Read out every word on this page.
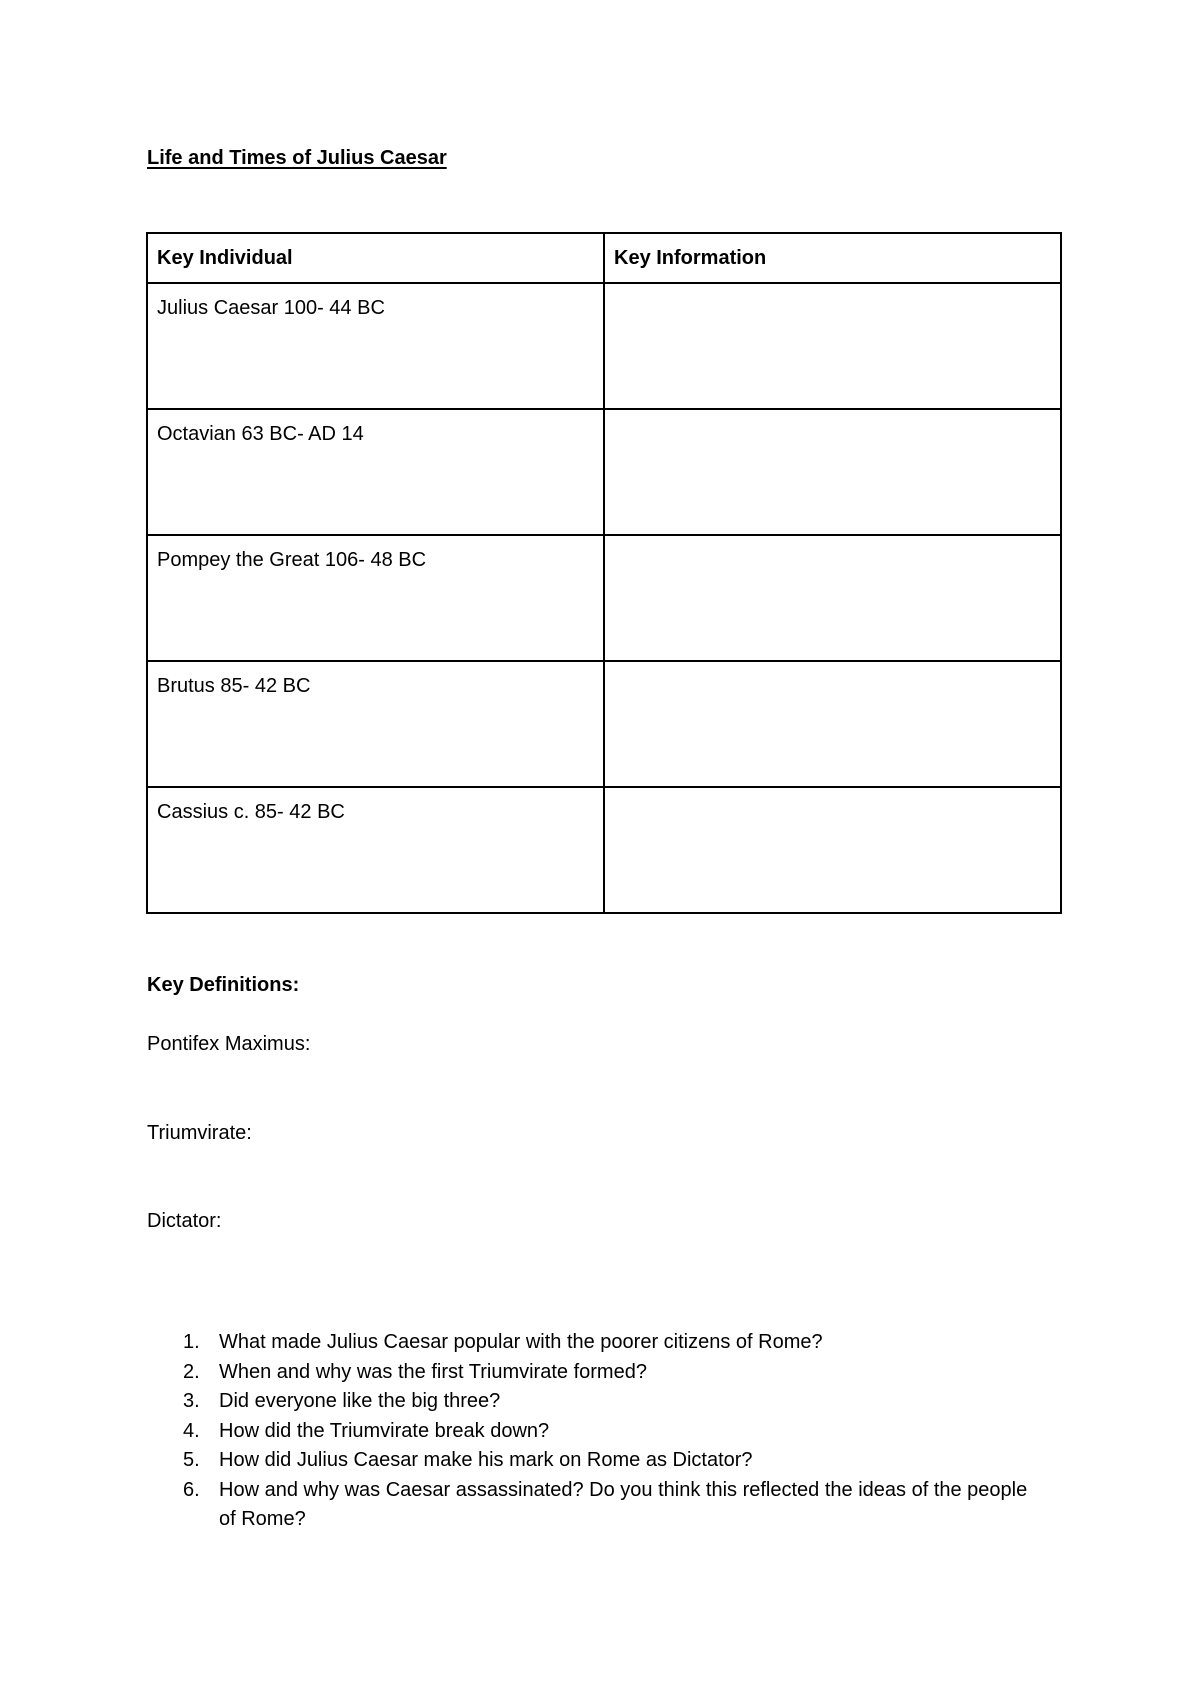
Life and Times of Julius Caesar
Key Individual	Key Information
Julius Caesar 100- 44 BC	
Octavian 63 BC- AD 14	
Pompey the Great 106- 48 BC	
Brutus 85- 42 BC	
Cassius c. 85- 42 BC	
Key Definitions:
Pontifex Maximus:
Triumvirate:
Dictator:
1. What made Julius Caesar popular with the poorer citizens of Rome?
2. When and why was the first Triumvirate formed?
3. Did everyone like the big three?
4. How did the Triumvirate break down?
5. How did Julius Caesar make his mark on Rome as Dictator?
6. How and why was Caesar assassinated? Do you think this reflected the ideas of the people of Rome?
